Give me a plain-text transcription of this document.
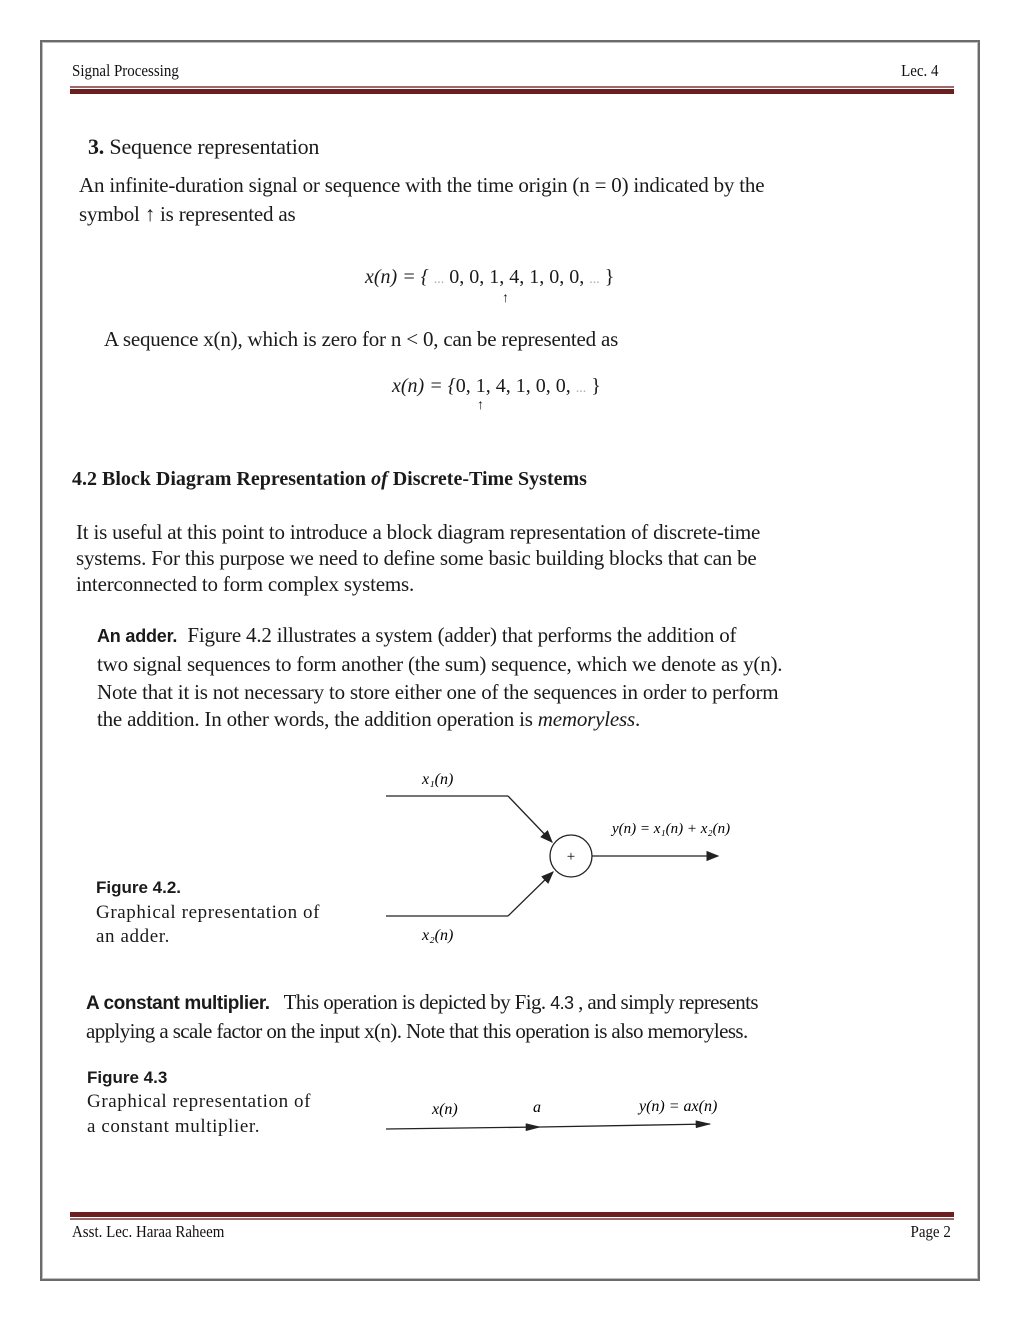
Signal Processing	Lec. 4
3. Sequence representation
An infinite-duration signal or sequence with the time origin (n = 0) indicated by the
symbol ↑ is represented as
x(n) = { ... 0, 0, 1, 4, 1, 0, 0, ... }
↑
A sequence x(n), which is zero for n < 0, can be represented as
x(n) = {0, 1, 4, 1, 0, 0, ... }
↑
4.2 Block Diagram Representation of Discrete-Time Systems
It is useful at this point to introduce a block diagram representation of discrete-time
systems. For this purpose we need to define some basic building blocks that can be
interconnected to form complex systems.
An adder. Figure 4.2 illustrates a system (adder) that performs the addition of
two signal sequences to form another (the sum) sequence, which we denote as y(n).
Note that it is not necessary to store either one of the sequences in order to perform
the addition. In other words, the addition operation is memoryless.
Figure 4.2.
Graphical representation of
an adder.
+
x₁(n)
x₂(n)
y(n) = x₁(n) + x₂(n)
A constant multiplier. This operation is depicted by Fig. 4.3 , and simply represents
applying a scale factor on the input x(n). Note that this operation is also memoryless.
Figure 4.3
Graphical representation of
a constant multiplier.
x(n)	a	y(n) = ax(n)
Asst. Lec. Haraa Raheem	Page 2
